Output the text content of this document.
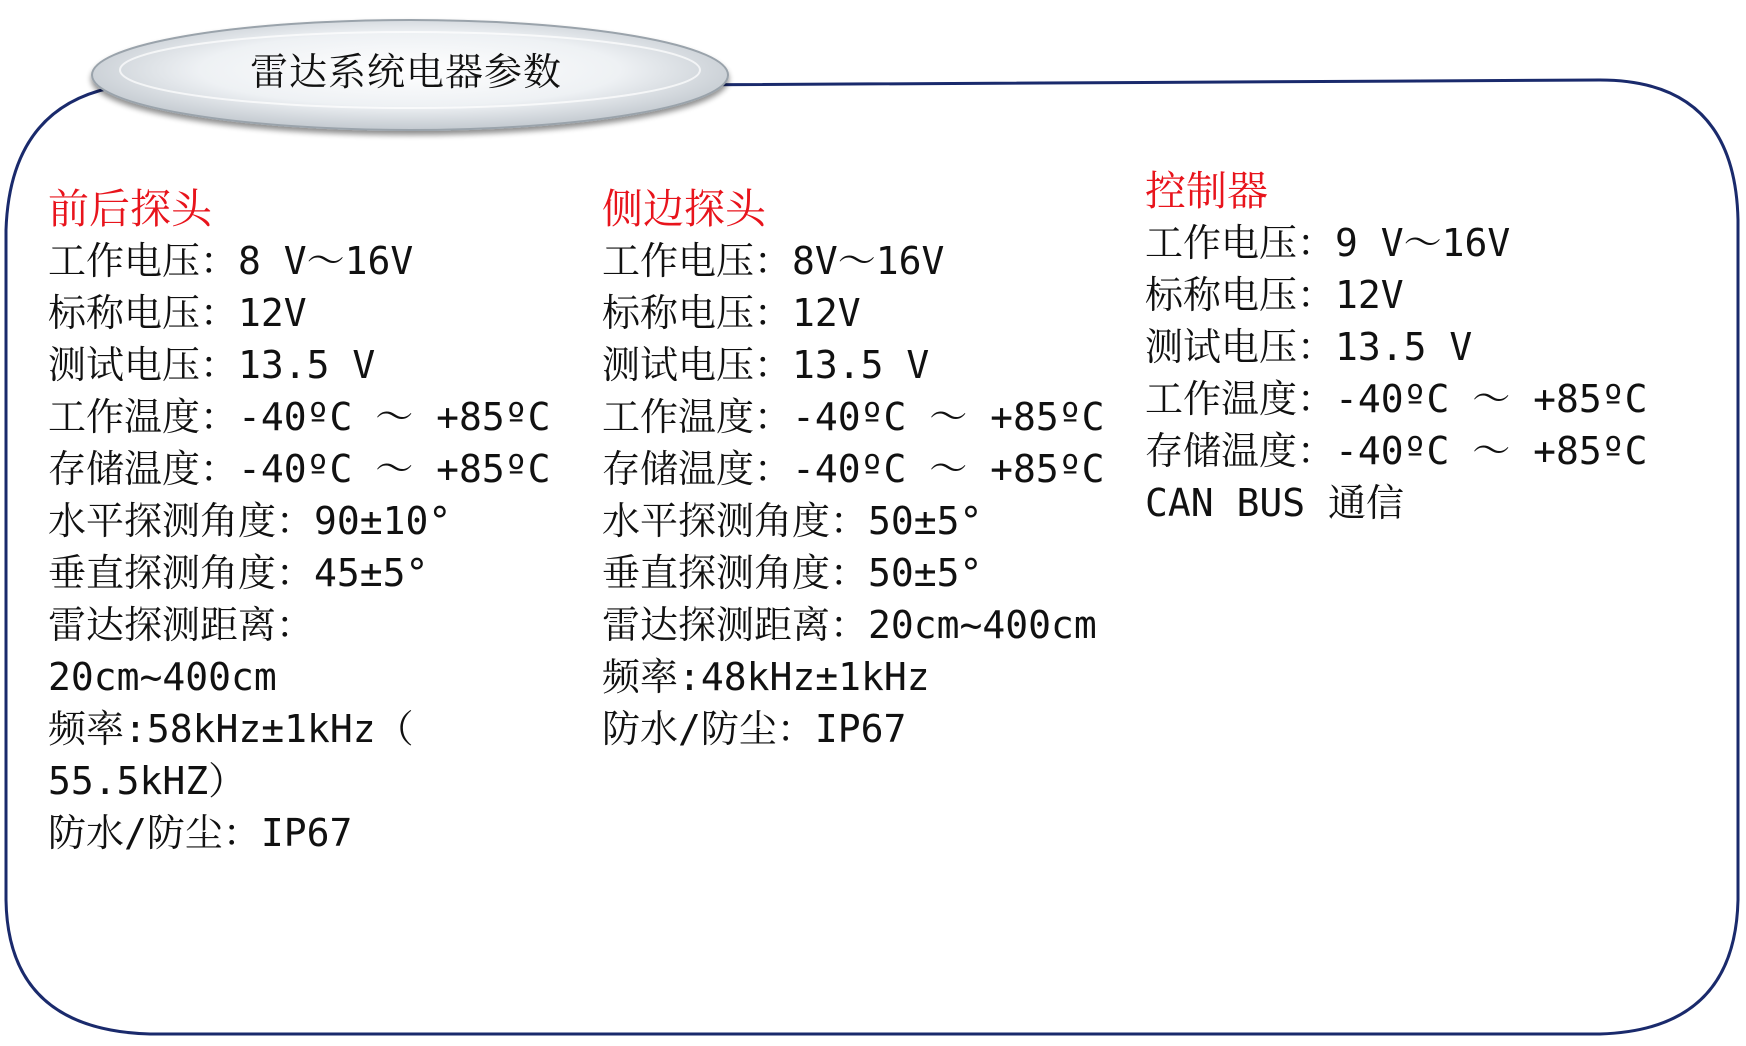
雷达系统电器参数
前后探头
工作电压：8 V～16V
标称电压：12V
测试电压：13.5 V
工作温度：-40ºC ～ +85ºC
存储温度：-40ºC ～ +85ºC
水平探测角度：90±10°
垂直探测角度：45±5°
雷达探测距离：
20cm~400cm
频率:58kHz±1kHz（
55.5kHZ）
防水/防尘：IP67
侧边探头
工作电压：8V～16V
标称电压：12V
测试电压：13.5 V
工作温度：-40ºC ～ +85ºC
存储温度：-40ºC ～ +85ºC
水平探测角度：50±5°
垂直探测角度：50±5°
雷达探测距离：20cm~400cm
频率:48kHz±1kHz
防水/防尘：IP67
控制器
工作电压：9 V～16V
标称电压：12V
测试电压：13.5 V
工作温度：-40ºC ～ +85ºC
存储温度：-40ºC ～ +85ºC
CAN BUS 通信
